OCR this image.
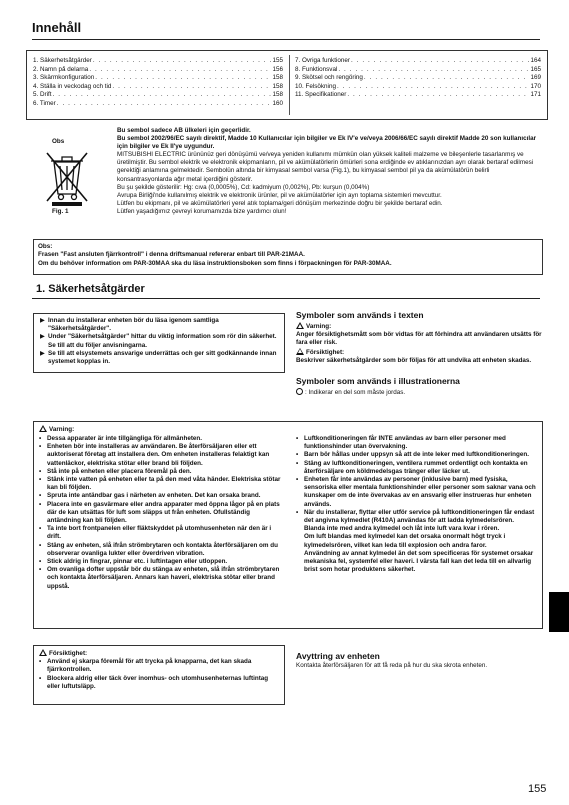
Innehåll
1. Säkerhetsåtgärder . . .	155
2. Namn på delarna . . .	156
3. Skärmkonfiguration . . .	158
4. Ställa in veckodag och tid . . .	158
5. Drift . . .	158
6. Timer . . .	160
7. Övriga funktioner . . .	164
8. Funktionsval . . .	165
9. Skötsel och rengöring . . .	169
10. Felsökning . . .	170
11. Specifikationer . . .	171
Obs
Fig. 1

Bu sembol sadece AB ülkeleri için geçerlidir.

Bu sembol 2002/96/EC sayılı direktif, Madde 10 Kullanıcılar için bilgiler ve Ek IV'e ve/veya 2006/66/EC sayılı direktif Madde 20 son kullanıcılar için bilgiler ve Ek II'ye uygundur.

MITSUBISHI ELECTRIC ürününüz geri dönüşümü ve/veya yeniden kullanımı mümkün olan yüksek kaliteli malzeme ve bileşenlerle tasarlanmış ve üretilmiştir. Bu sembol elektrik ve elektronik ekipmanların, pil ve akümülatörlerin ömürleri sona erdiğinde ev atıklarınızdan ayrı olarak bertaraf edilmesi gerektiği anlamına gelmektedir. Sembolün altında bir kimyasal sembol varsa (Fig.1), bu kimyasal sembol pil ya da akümülatörün belirli konsantrasyonlarda ağır metal içerdiğini gösterir.

Bu şu şekilde gösterilir: Hg: cıva (0,0005%), Cd: kadmiyum (0,002%), Pb: kurşun (0,004%)

Avrupa Birliği'nde kullanılmış elektrik ve elektronik ürünler, pil ve akümülatörler için ayrı toplama sistemleri mevcuttur.

Lütfen bu ekipmanı, pil ve akümülatörleri yerel atık toplama/geri dönüşüm merkezinde doğru bir şekilde bertaraf edin.

Lütfen yaşadığımız çevreyi korumamızda bize yardımcı olun!

Obs:
Frasen "Fast ansluten fjärrkontroll" i denna driftsmanual refererar enbart till PAR-21MAA.
Om du behöver information om PAR-30MAA ska du läsa instruktionsboken som finns i förpackningen för PAR-30MAA.
1. Säkerhetsåtgärder
▶ Innan du installerar enheten bör du läsa igenom samtliga "Säkerhetsåtgärder".
▶ Under "Säkerhetsåtgärder" hittar du viktig information som rör din säkerhet. Se till att du följer anvisningarna.
▶ Se till att elsystemets ansvarige underrättas och ger sitt godkännande innan systemet kopplas in.
Symboler som används i texten

Varning:

Anger försiktighetsmått som bör vidtas för att förhindra att användaren utsätts för fara eller risk.

Försiktighet:

Beskriver säkerhetsåtgärder som bör följas för att undvika att enheten skadas.

Symboler som används i illustrationerna

: Indikerar en del som måste jordas.

Varning:
• Dessa apparater är inte tillgängliga för allmänheten.
• Enheten bör inte installeras av användaren. Be återförsäljaren eller ett auktoriserat företag att installera den. Om enheten installeras felaktigt kan vattenläckor, elektriska stötar eller brand bli följden.
• Stå inte på enheten eller placera föremål på den.
• Stänk inte vatten på enheten eller ta på den med våta händer. Elektriska stötar kan bli följden.
• Spruta inte antändbar gas i närheten av enheten. Det kan orsaka brand.
• Placera inte en gasvärmare eller andra apparater med öppna lågor på en plats där de kan utsättas för luft som släpps ut från enheten. Ofullständig antändning kan bli följden.
• Ta inte bort frontpanelen eller fläktskyddet på utomhusenheten när den är i drift.
• Stäng av enheten, slå ifrån strömbrytaren och kontakta återförsäljaren om du observerar ovanliga lukter eller överdriven vibration.
• Stick aldrig in fingrar, pinnar etc. i luftintagen eller utloppen.
• Om ovanliga dofter uppstår bör du stänga av enheten, slå ifrån strömbrytaren och kontakta återförsäljaren. Annars kan haveri, elektriska stötar eller brand uppstå.
• Luftkonditioneringen får INTE användas av barn eller personer med funktionshinder utan övervakning.
• Barn bör hållas under uppsyn så att de inte leker med luftkonditioneringen.
• Stäng av luftkonditioneringen, ventilera rummet ordentligt och kontakta en återförsäljare om köldmedelsgas tränger eller läcker ut.
• Enheten får inte användas av personer (inklusive barn) med fysiska, sensoriska eller mentala funktionshinder eller personer som saknar vana och kunskaper om de inte övervakas av en ansvarig eller instrueras hur enheten används.
• När du installerar, flyttar eller utför service på luftkonditioneringen får endast det angivna kylmedlet (R410A) användas för att ladda kylmedelsrören. Blanda inte med andra kylmedel och låt inte luft vara kvar i rören.
Om luft blandas med kylmedel kan det orsaka onormalt högt tryck i kylmedelsrören, vilket kan leda till explosion och andra faror.
Användning av annat kylmedel än det som specificeras för systemet orsakar mekaniska fel, systemfel eller haveri. I värsta fall kan det leda till en allvarlig brist som hotar produktens säkerhet.
Försiktighet:
• Använd ej skarpa föremål för att trycka på knapparna, det kan skada fjärrkontrollen.
• Blockera aldrig eller täck över inomhus- och utomhusenheternas luftintag eller luftutsläpp.
Avyttring av enheten

Kontakta återförsäljaren för att få reda på hur du ska skrota enheten.

155
